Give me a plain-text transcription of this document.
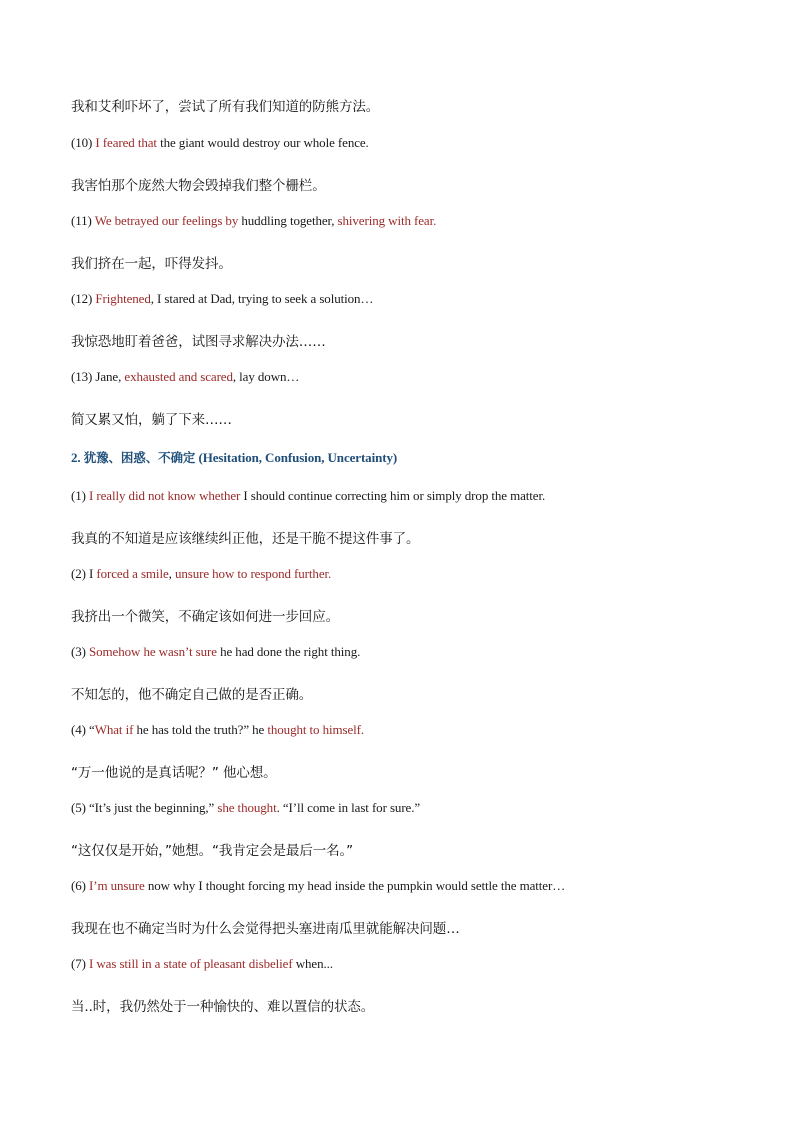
我和艾利吓坏了，尝试了所有我们知道的防熊方法。
(10) I feared that the giant would destroy our whole fence.
我害怕那个庞然大物会毁掉我们整个栅栏。
(11) We betrayed our feelings by huddling together, shivering with fear.
我们挤在一起，吓得发抖。
(12) Frightened, I stared at Dad, trying to seek a solution…
我惊恐地盯着爸爸，试图寻求解决办法……
(13) Jane, exhausted and scared, lay down…
简又累又怕，躺了下来……
2. 犹豫、困惑、不确定 (Hesitation, Confusion, Uncertainty)
(1) I really did not know whether I should continue correcting him or simply drop the matter.
我真的不知道是应该继续纠正他，还是干脆不提这件事了。
(2) I forced a smile, unsure how to respond further.
我挤出一个微笑，不确定该如何进一步回应。
(3) Somehow he wasn’t sure he had done the right thing.
不知怎的，他不确定自己做的是否正确。
(4) “What if he has told the truth?” he thought to himself.
“万一他说的是真话呢？” 他心想。
(5) “It’s just the beginning,” she thought. “I’ll come in last for sure.”
“这仅仅是开始，”她想。“我肯定会是最后一名。”
(6) I’m unsure now why I thought forcing my head inside the pumpkin would settle the matter…
我现在也不确定当时为什么会觉得把头塞进南瓜里就能解决问题…
(7) I was still in a state of pleasant disbelief when...
当..时，我仍然处于一种愉快的、难以置信的状态。
